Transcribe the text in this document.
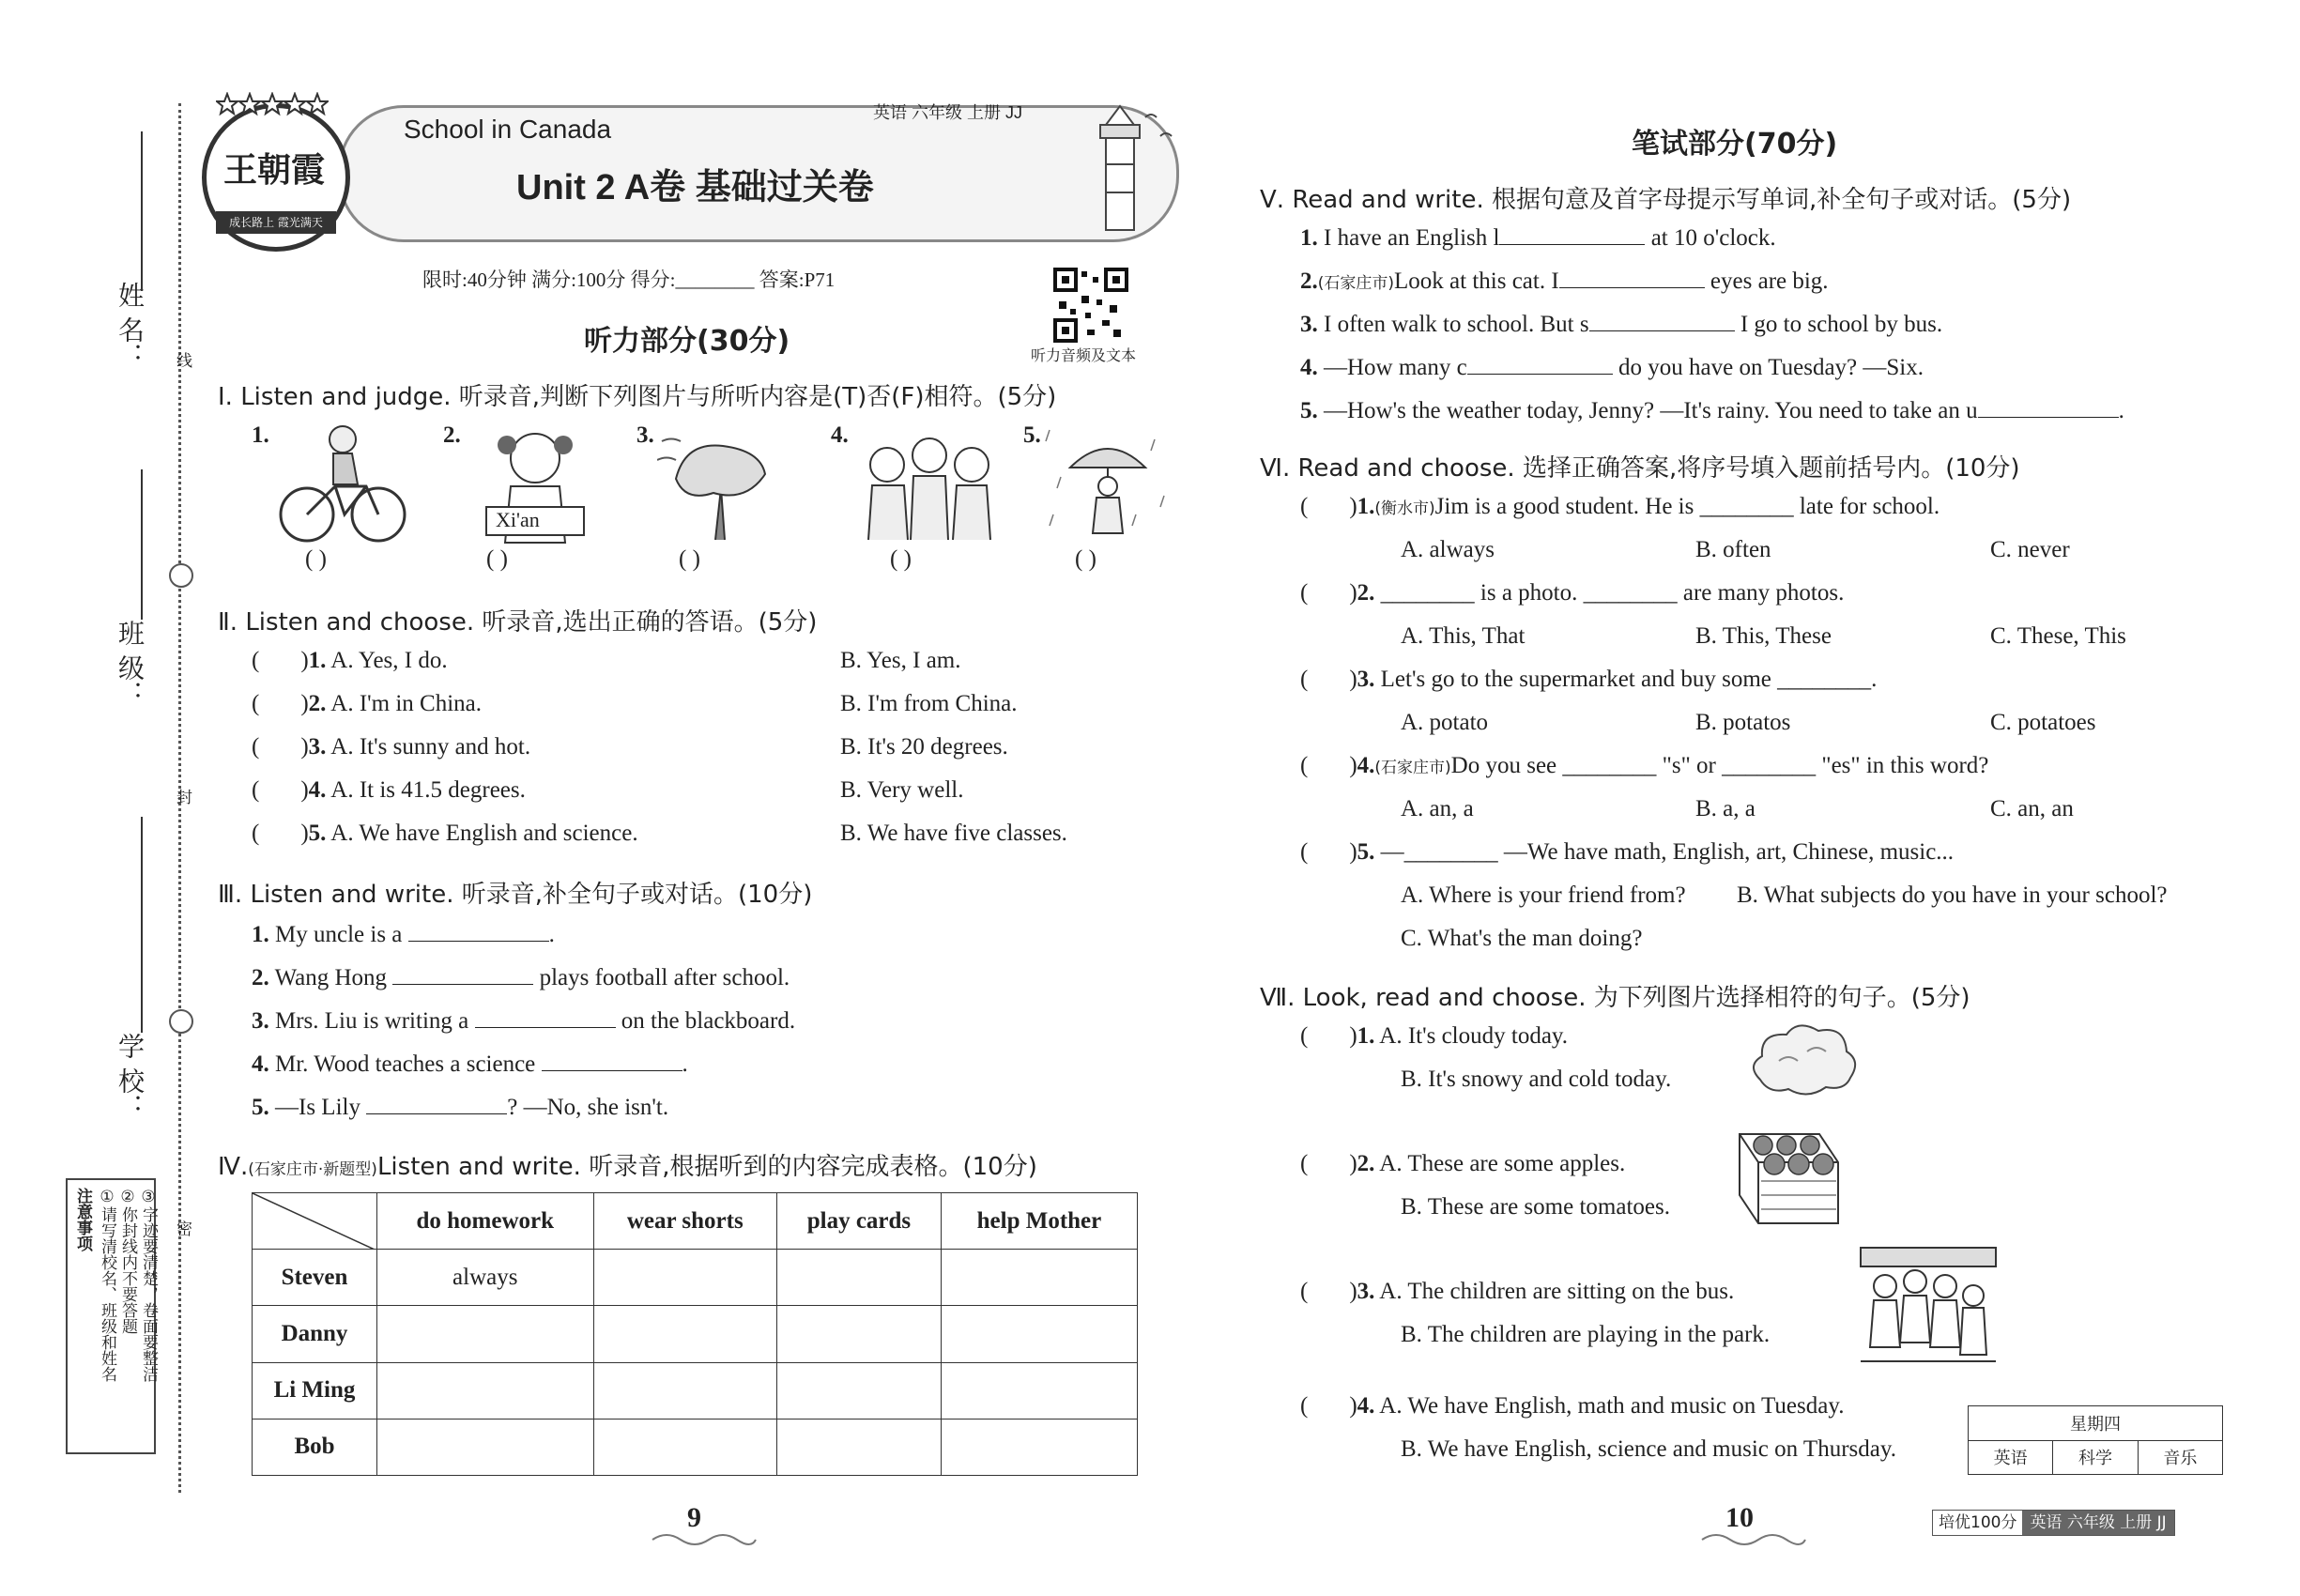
姓 名：
班 级：
学 校：
线
封
密
注意事项 ①请写清校名、班级和姓名 ②你封线内不要答题 ③字迹要清楚，卷面要整洁
王朝霞
成长路上 霞光满天
School in Canada
英语 六年级 上册 JJ
Unit 2 A卷 基础过关卷
限时:40分钟 满分:100分 得分:________ 答案:P71
听力音频及文本
听力部分(30分)
Ⅰ. Listen and judge. 听录音,判断下列图片与所听内容是(T)否(F)相符。(5分)
1.	2.	3.	4.	5.
Xi'an
( )	( )	( )	( )	( )
Ⅱ. Listen and choose. 听录音,选出正确的答语。(5分)
( )1. A. Yes, I do.	B. Yes, I am.
( )2. A. I'm in China.	B. I'm from China.
( )3. A. It's sunny and hot.	B. It's 20 degrees.
( )4. A. It is 41.5 degrees.	B. Very well.
( )5. A. We have English and science.	B. We have five classes.
Ⅲ. Listen and write. 听录音,补全句子或对话。(10分)
1. My uncle is a	.
2. Wang Hong	plays football after school.
3. Mrs. Liu is writing a	on the blackboard.
4. Mr. Wood teaches a science	.
5. —Is Lily	? —No, she isn't.
Ⅳ.(石家庄市·新题型)Listen and write. 听录音,根据听到的内容完成表格。(10分)
	do homework	wear shorts	play cards	help Mother
Steven	always			
Danny				
Li Ming				
Bob				
9
笔试部分(70分)
Ⅴ. Read and write. 根据句意及首字母提示写单词,补全句子或对话。(5分)
1. I have an English l	at 10 o'clock.
2.(石家庄市)Look at this cat. I	eyes are big.
3. I often walk to school. But s	I go to school by bus.
4. —How many c	do you have on Tuesday? —Six.
5. —How's the weather today, Jenny? —It's rainy. You need to take an u	.
Ⅵ. Read and choose. 选择正确答案,将序号填入题前括号内。(10分)
( )1.(衡水市)Jim is a good student. He is ________ late for school.
A. always	B. often	C. never
( )2. ________ is a photo. ________ are many photos.
A. This, That	B. This, These	C. These, This
( )3. Let's go to the supermarket and buy some ________.
A. potato	B. potatos	C. potatoes
( )4.(石家庄市)Do you see ________ "s" or ________ "es" in this word?
A. an, a	B. a, a	C. an, an
( )5. —________ —We have math, English, art, Chinese, music...
A. Where is your friend from? B. What subjects do you have in your school?
C. What's the man doing?
Ⅶ. Look, read and choose. 为下列图片选择相符的句子。(5分)
( )1. A. It's cloudy today.
B. It's snowy and cold today.
( )2. A. These are some apples.
B. These are some tomatoes.
( )3. A. The children are sitting on the bus.
B. The children are playing in the park.
( )4. A. We have English, math and music on Tuesday.
B. We have English, science and music on Thursday.
星期四
英语	科学	音乐
10	培优100分 英语 六年级 上册 JJ
